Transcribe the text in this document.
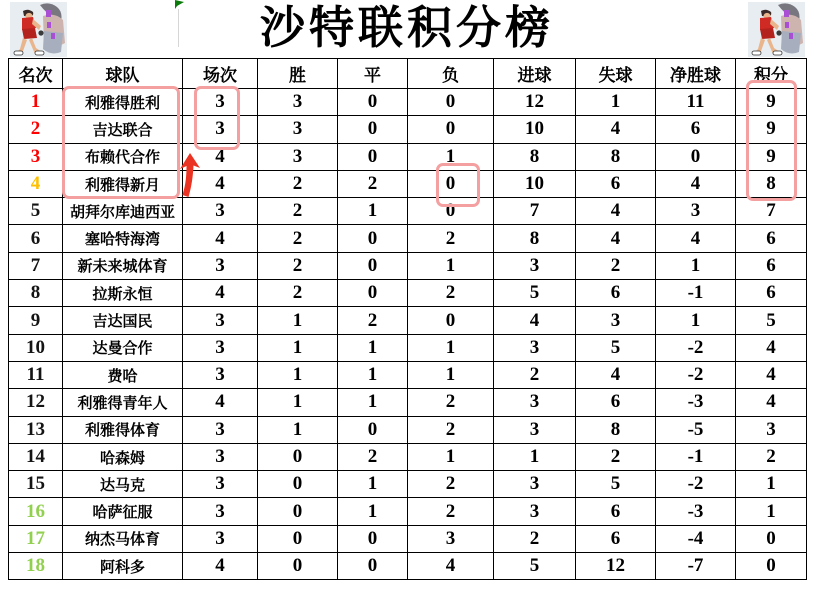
沙特联积分榜
名次	球队	场次	胜	平	负	进球	失球	净胜球	积分
1	利雅得胜利	3	3	0	0	12	1	11	9
2	吉达联合	3	3	0	0	10	4	6	9
3	布赖代合作	4	3	0	1	8	8	0	9
4	利雅得新月	4	2	2	0	10	6	4	8
5	胡拜尔库迪西亚	3	2	1	0	7	4	3	7
6	塞哈特海湾	4	2	0	2	8	4	4	6
7	新未来城体育	3	2	0	1	3	2	1	6
8	拉斯永恒	4	2	0	2	5	6	-1	6
9	吉达国民	3	1	2	0	4	3	1	5
10	达曼合作	3	1	1	1	3	5	-2	4
11	费哈	3	1	1	1	2	4	-2	4
12	利雅得青年人	4	1	1	2	3	6	-3	4
13	利雅得体育	3	1	0	2	3	8	-5	3
14	哈森姆	3	0	2	1	1	2	-1	2
15	达马克	3	0	1	2	3	5	-2	1
16	哈萨征服	3	0	1	2	3	6	-3	1
17	纳杰马体育	3	0	0	3	2	6	-4	0
18	阿科多	4	0	0	4	5	12	-7	0
